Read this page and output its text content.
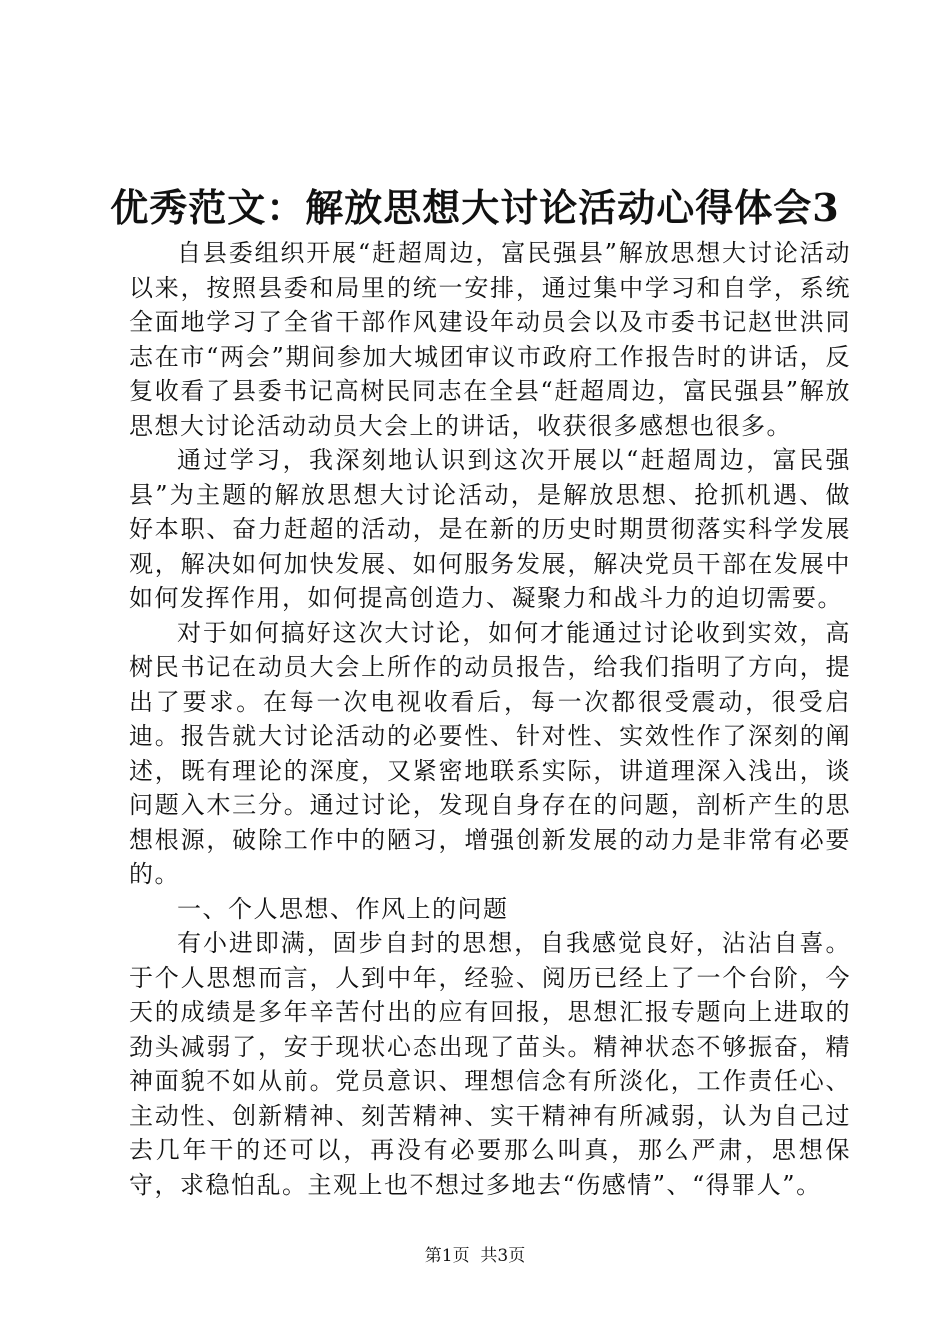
优秀范文：解放思想大讨论活动心得体会3

自县委组织开展“赶超周边，富民强县”解放思想大讨论活动以来，按照县委和局里的统一安排，通过集中学习和自学，系统全面地学习了全省干部作风建设年动员会以及市委书记赵世洪同志在市“两会”期间参加大城团审议市政府工作报告时的讲话，反复收看了县委书记高树民同志在全县“赶超周边，富民强县”解放思想大讨论活动动员大会上的讲话，收获很多感想也很多。

通过学习，我深刻地认识到这次开展以“赶超周边，富民强县”为主题的解放思想大讨论活动，是解放思想、抢抓机遇、做好本职、奋力赶超的活动，是在新的历史时期贯彻落实科学发展观，解决如何加快发展、如何服务发展，解决党员干部在发展中如何发挥作用，如何提高创造力、凝聚力和战斗力的迫切需要。

对于如何搞好这次大讨论，如何才能通过讨论收到实效，高树民书记在动员大会上所作的动员报告，给我们指明了方向，提出了要求。在每一次电视收看后，每一次都很受震动，很受启迪。报告就大讨论活动的必要性、针对性、实效性作了深刻的阐述，既有理论的深度，又紧密地联系实际，讲道理深入浅出，谈问题入木三分。通过讨论，发现自身存在的问题，剖析产生的思想根源，破除工作中的陋习，增强创新发展的动力是非常有必要的。

一、个人思想、作风上的问题

有小进即满，固步自封的思想，自我感觉良好，沾沾自喜。于个人思想而言，人到中年，经验、阅历已经上了一个台阶，今天的成绩是多年辛苦付出的应有回报，思想汇报专题向上进取的劲头减弱了，安于现状心态出现了苗头。精神状态不够振奋，精神面貌不如从前。党员意识、理想信念有所淡化，工作责任心、主动性、创新精神、刻苦精神、实干精神有所减弱，认为自己过去几年干的还可以，再没有必要那么叫真，那么严肃，思想保守，求稳怕乱。主观上也不想过多地去“伤感情”、“得罪人”。

第1页  共3页
